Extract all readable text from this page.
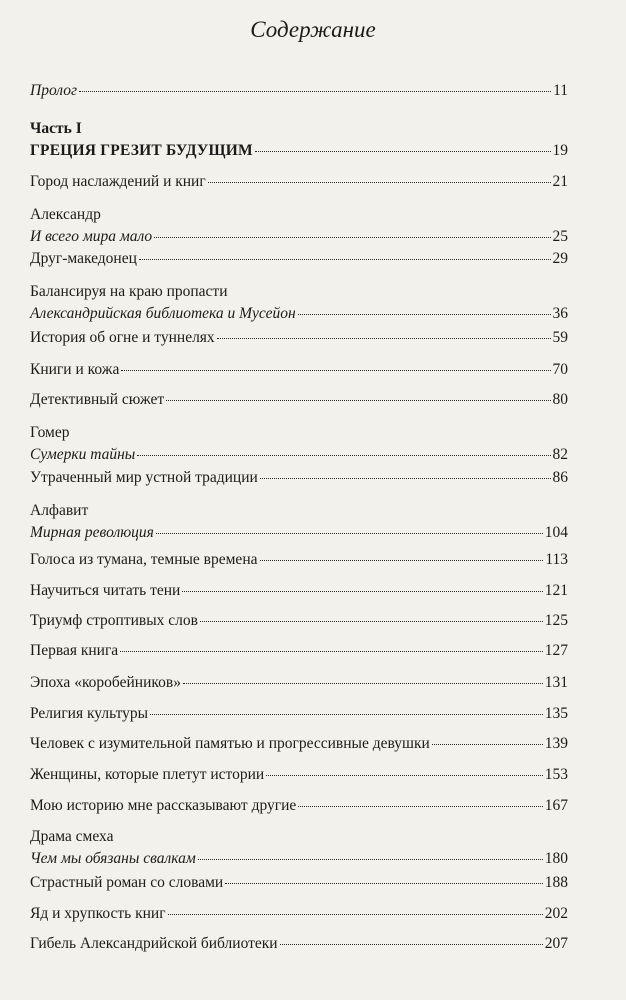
Содержание
Пролог	11
Часть I
ГРЕЦИЯ ГРЕЗИТ БУДУЩИМ	19
Город наслаждений и книг	21
Александр
И всего мира мало	25
Друг-македонец	29
Балансируя на краю пропасти
Александрийская библиотека и Мусейон	36
История об огне и туннелях	59
Книги и кожа	70
Детективный сюжет	80
Гомер
Сумерки тайны	82
Утраченный мир устной традиции	86
Алфавит
Мирная революция	104
Голоса из тумана, темные времена	113
Научиться читать тени	121
Триумф строптивых слов	125
Первая книга	127
Эпоха «коробейников»	131
Религия культуры	135
Человек с изумительной памятью и прогрессивные девушки	139
Женщины, которые плетут истории	153
Мою историю мне рассказывают другие	167
Драма смеха
Чем мы обязаны свалкам	180
Страстный роман со словами	188
Яд и хрупкость книг	202
Гибель Александрийской библиотеки	207
